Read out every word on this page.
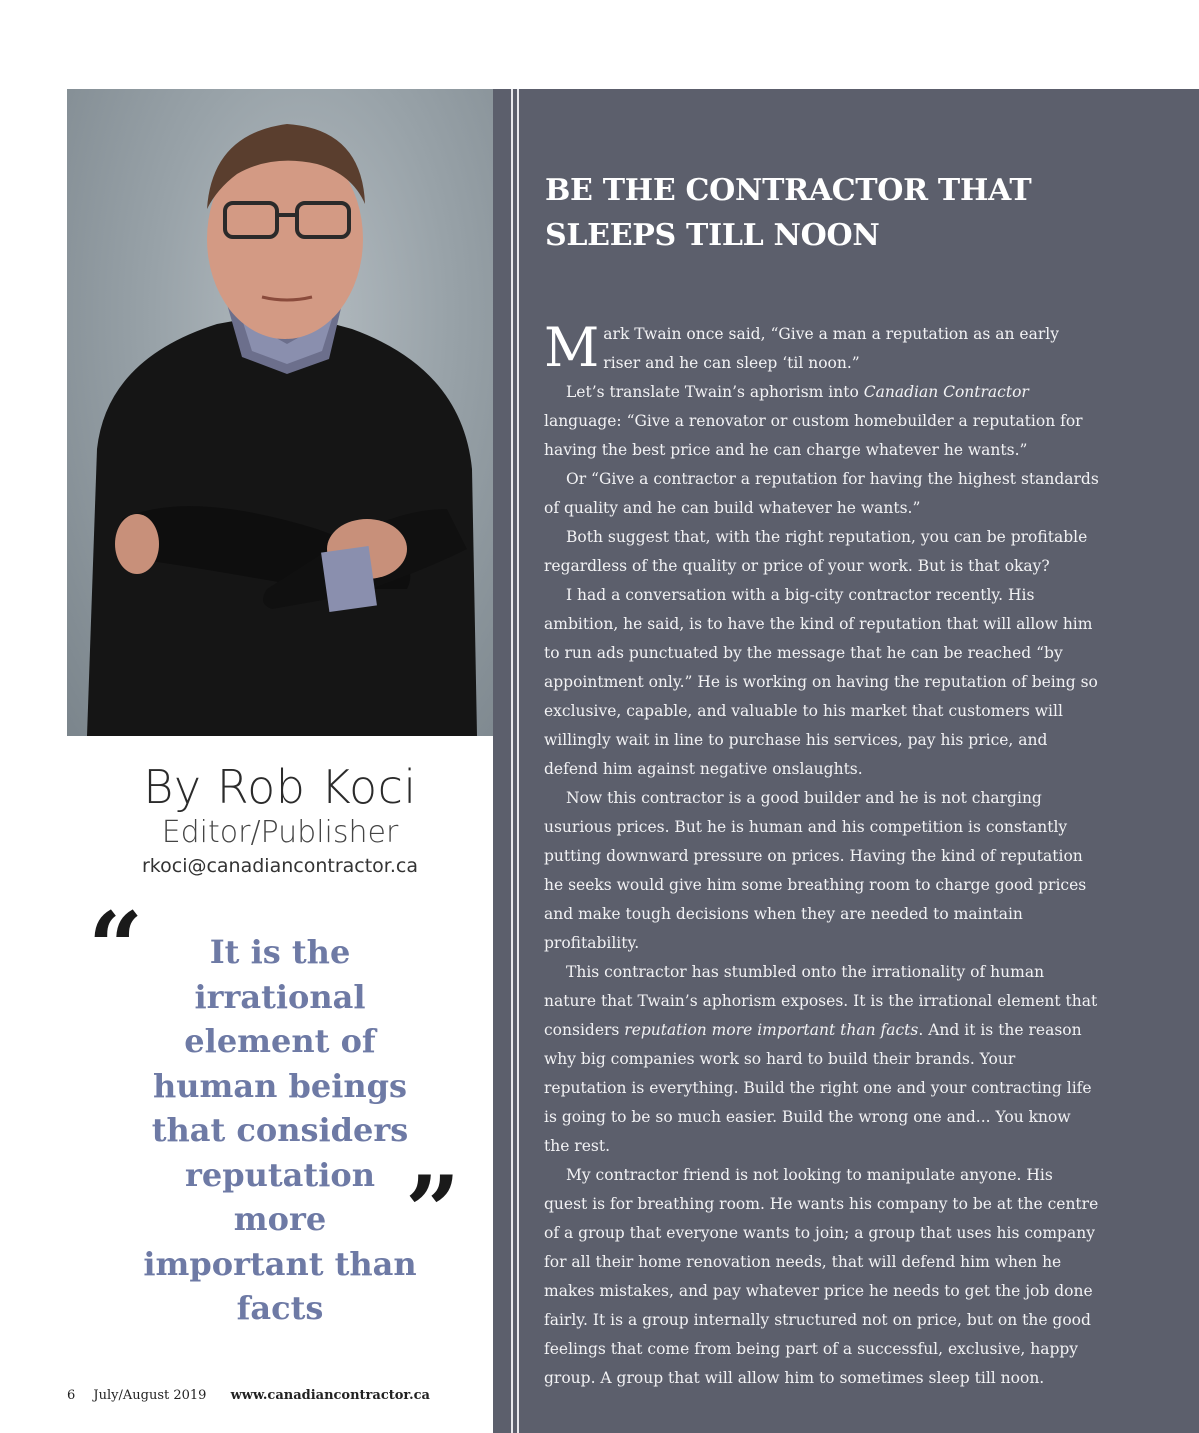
By Rob Koci
Editor/Publisher
rkoci@canadiancontractor.ca
“	It is the irrational element of human beings that considers reputation more important than facts
”
6 July/August 2019 www.canadiancontractor.ca
BE THE CONTRACTOR THAT SLEEPS TILL NOON

Mark Twain once said, “Give a man a reputation as an early riser and he can sleep ‘til noon.”

Let’s translate Twain’s aphorism into Canadian Contractor language: “Give a renovator or custom homebuilder a reputation for having the best price and he can charge whatever he wants.”

Or “Give a contractor a reputation for having the highest standards of quality and he can build whatever he wants.”

Both suggest that, with the right reputation, you can be profitable regardless of the quality or price of your work. But is that okay?

I had a conversation with a big-city contractor recently. His ambition, he said, is to have the kind of reputation that will allow him to run ads punctuated by the message that he can be reached “by appointment only.” He is working on having the reputation of being so exclusive, capable, and valuable to his market that customers will willingly wait in line to purchase his services, pay his price, and defend him against negative onslaughts.

Now this contractor is a good builder and he is not charging usurious prices. But he is human and his competition is constantly putting downward pressure on prices. Having the kind of reputation he seeks would give him some breathing room to charge good prices and make tough decisions when they are needed to maintain profitability.

This contractor has stumbled onto the irrationality of human nature that Twain’s aphorism exposes. It is the irrational element that considers reputation more important than facts. And it is the reason why big companies work so hard to build their brands. Your reputation is everything. Build the right one and your contracting life is going to be so much easier. Build the wrong one and... You know the rest.

My contractor friend is not looking to manipulate anyone. His quest is for breathing room. He wants his company to be at the centre of a group that everyone wants to join; a group that uses his company for all their home renovation needs, that will defend him when he makes mistakes, and pay whatever price he needs to get the job done fairly. It is a group internally structured not on price, but on the good feelings that come from being part of a successful, exclusive, happy group. A group that will allow him to sometimes sleep till noon.
